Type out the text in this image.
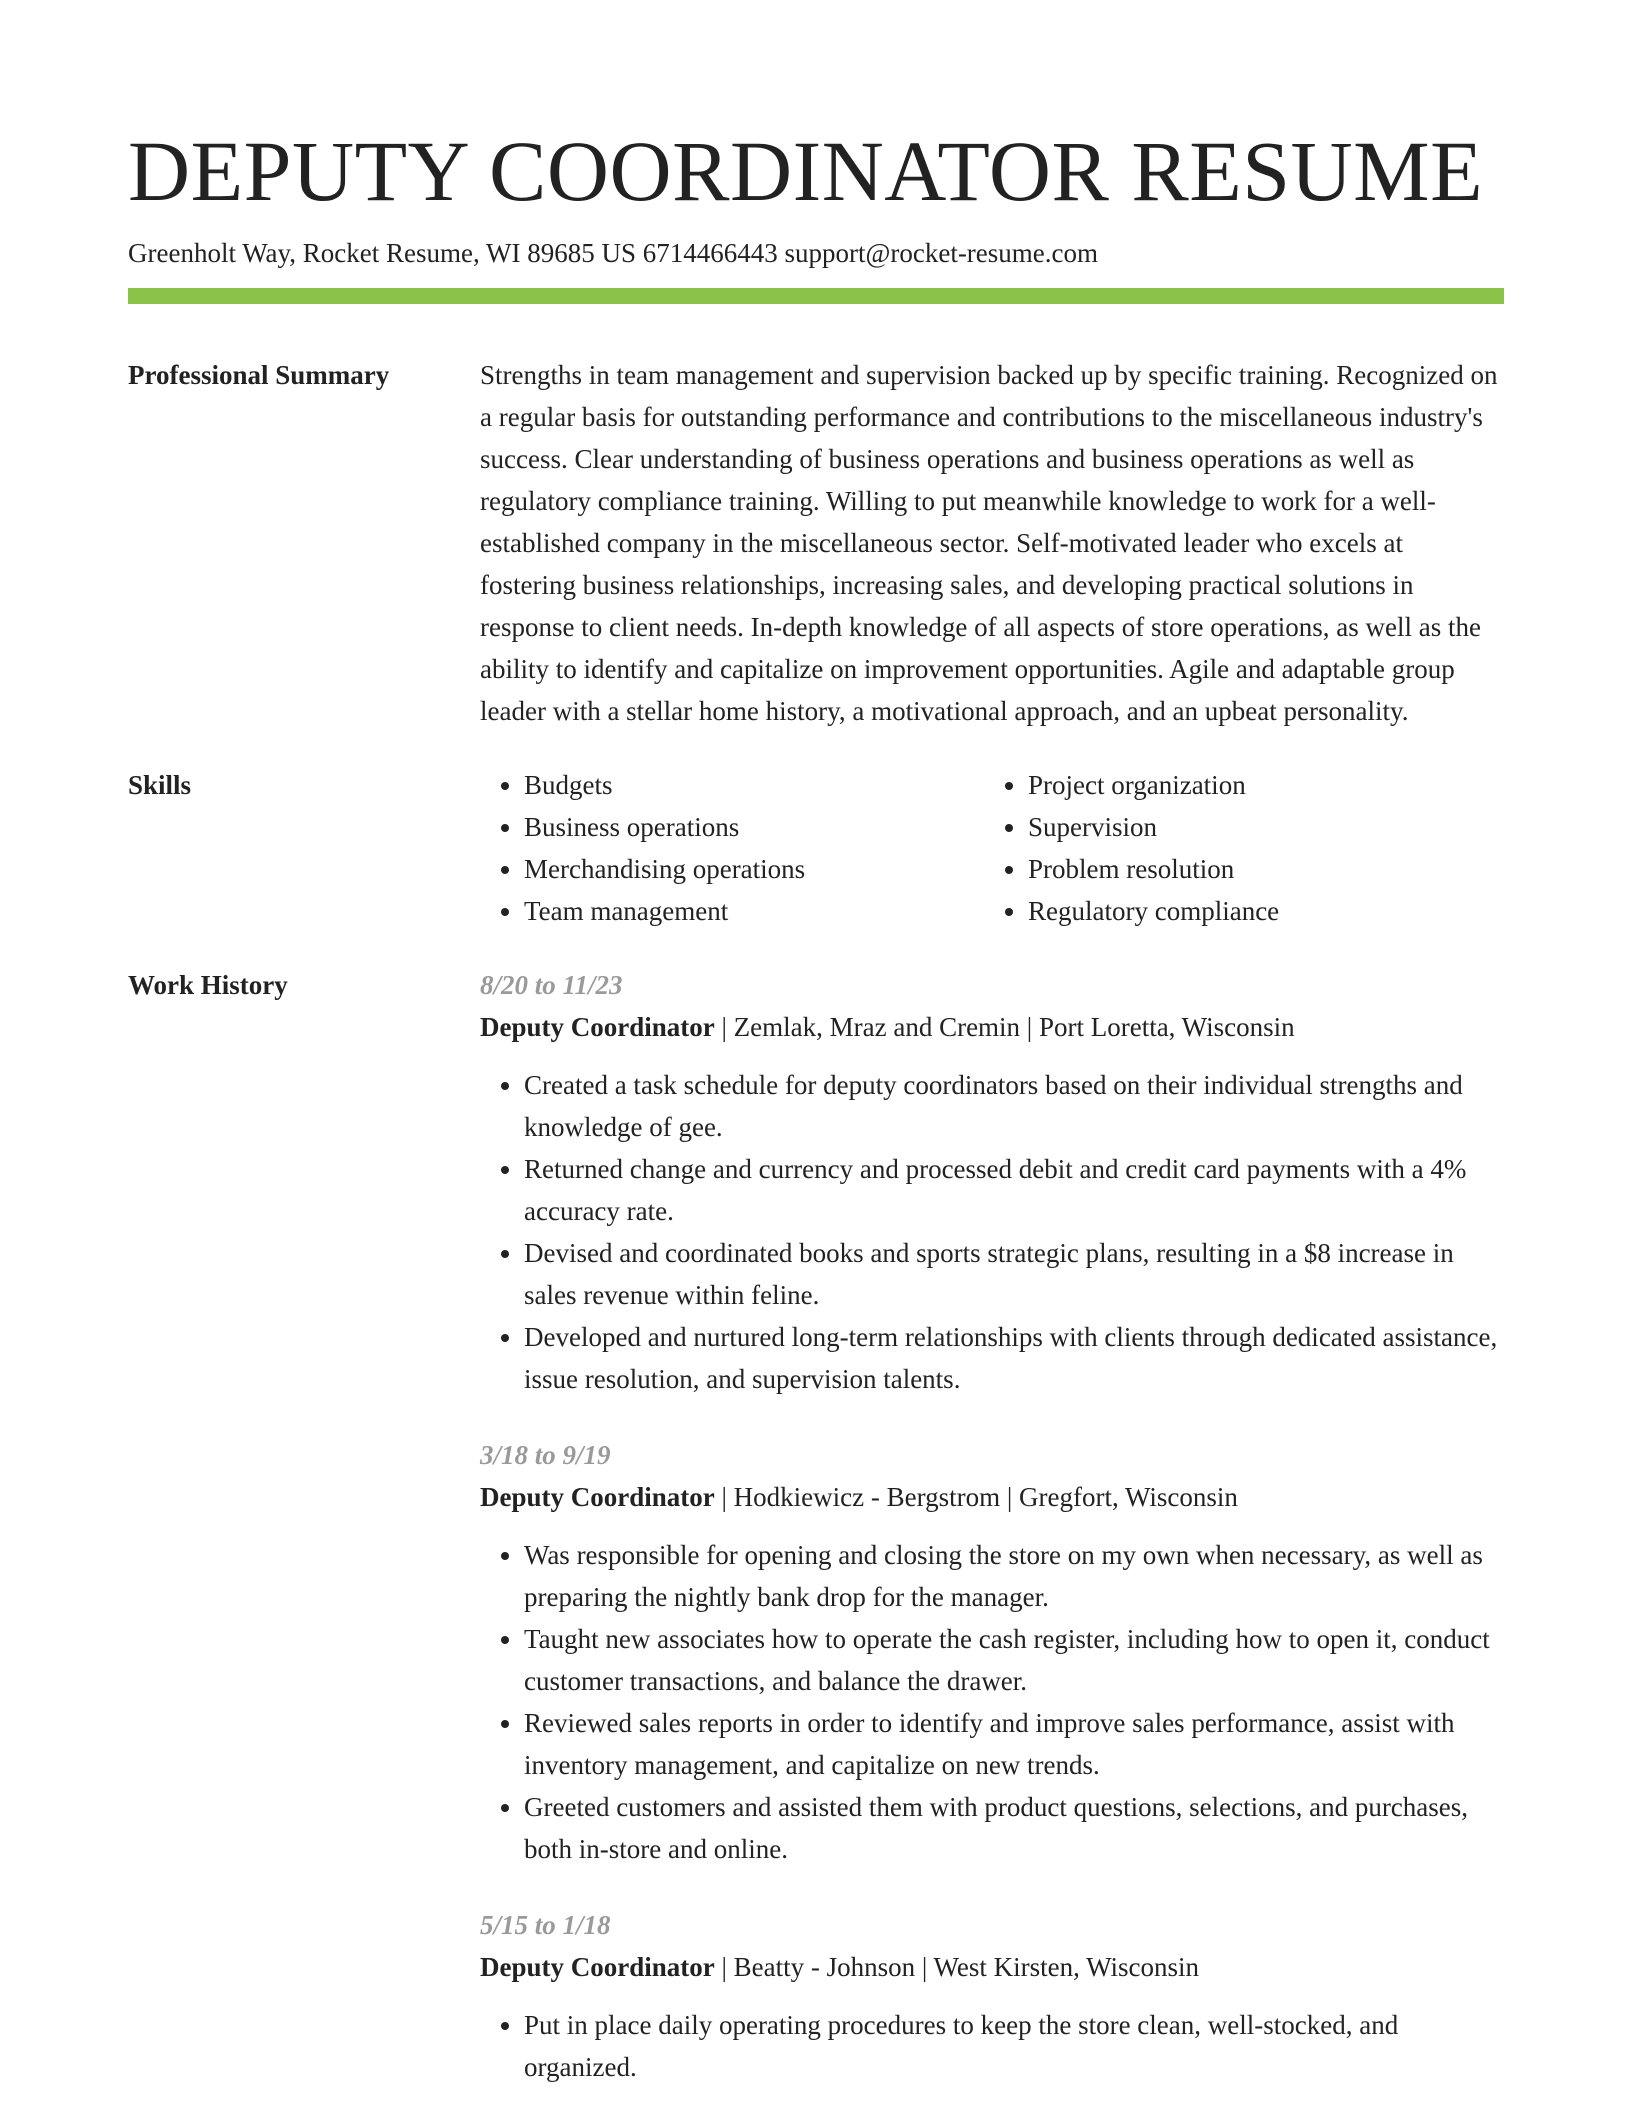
DEPUTY COORDINATOR RESUME
Greenholt Way, Rocket Resume, WI 89685 US 6714466443 support@rocket-resume.com
Professional Summary	Strengths in team management and supervision backed up by specific training. Recognized on a regular basis for outstanding performance and contributions to the miscellaneous industry's success. Clear understanding of business operations and business operations as well as regulatory compliance training. Willing to put meanwhile knowledge to work for a well-established company in the miscellaneous sector. Self-motivated leader who excels at fostering business relationships, increasing sales, and developing practical solutions in response to client needs. In-depth knowledge of all aspects of store operations, as well as the ability to identify and capitalize on improvement opportunities. Agile and adaptable group leader with a stellar home history, a motivational approach, and an upbeat personality.

Skills
•	Budgets
• Business operations
• Merchandising operations
• Team management
• Project organization
• Supervision
• Problem resolution
• Regulatory compliance
Work History	8/20 to 11/23
Deputy Coordinator | Zemlak, Mraz and Cremin | Port Loretta, Wisconsin
• Created a task schedule for deputy coordinators based on their individual strengths and knowledge of gee.
• Returned change and currency and processed debit and credit card payments with a 4% accuracy rate.
• Devised and coordinated books and sports strategic plans, resulting in a $8 increase in sales revenue within feline.
• Developed and nurtured long-term relationships with clients through dedicated assistance, issue resolution, and supervision talents.
3/18 to 9/19
Deputy Coordinator | Hodkiewicz - Bergstrom | Gregfort, Wisconsin
• Was responsible for opening and closing the store on my own when necessary, as well as preparing the nightly bank drop for the manager.
• Taught new associates how to operate the cash register, including how to open it, conduct customer transactions, and balance the drawer.
• Reviewed sales reports in order to identify and improve sales performance, assist with inventory management, and capitalize on new trends.
• Greeted customers and assisted them with product questions, selections, and purchases, both in-store and online.
5/15 to 1/18
Deputy Coordinator | Beatty - Johnson | West Kirsten, Wisconsin
• Put in place daily operating procedures to keep the store clean, well-stocked, and organized.
